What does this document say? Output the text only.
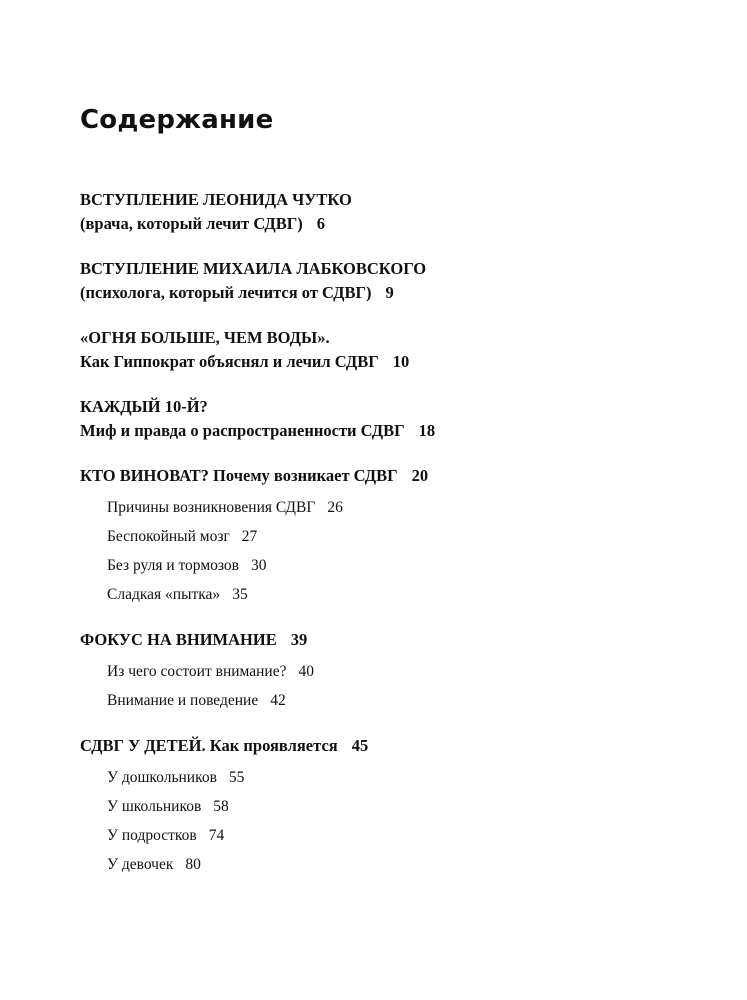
Содержание
ВСТУПЛЕНИЕ ЛЕОНИДА ЧУТКО
(врача, который лечит СДВГ) 6
ВСТУПЛЕНИЕ МИХАИЛА ЛАБКОВСКОГО
(психолога, который лечится от СДВГ) 9
«ОГНЯ БОЛЬШЕ, ЧЕМ ВОДЫ».
Как Гиппократ объяснял и лечил СДВГ 10
КАЖДЫЙ 10-Й?
Миф и правда о распространенности СДВГ 18
КТО ВИНОВАТ? Почему возникает СДВГ 20
Причины возникновения СДВГ 26
Беспокойный мозг 27
Без руля и тормозов 30
Сладкая «пытка» 35
ФОКУС НА ВНИМАНИЕ 39
Из чего состоит внимание? 40
Внимание и поведение 42
СДВГ У ДЕТЕЙ. Как проявляется 45
У дошкольников 55
У школьников 58
У подростков 74
У девочек 80
